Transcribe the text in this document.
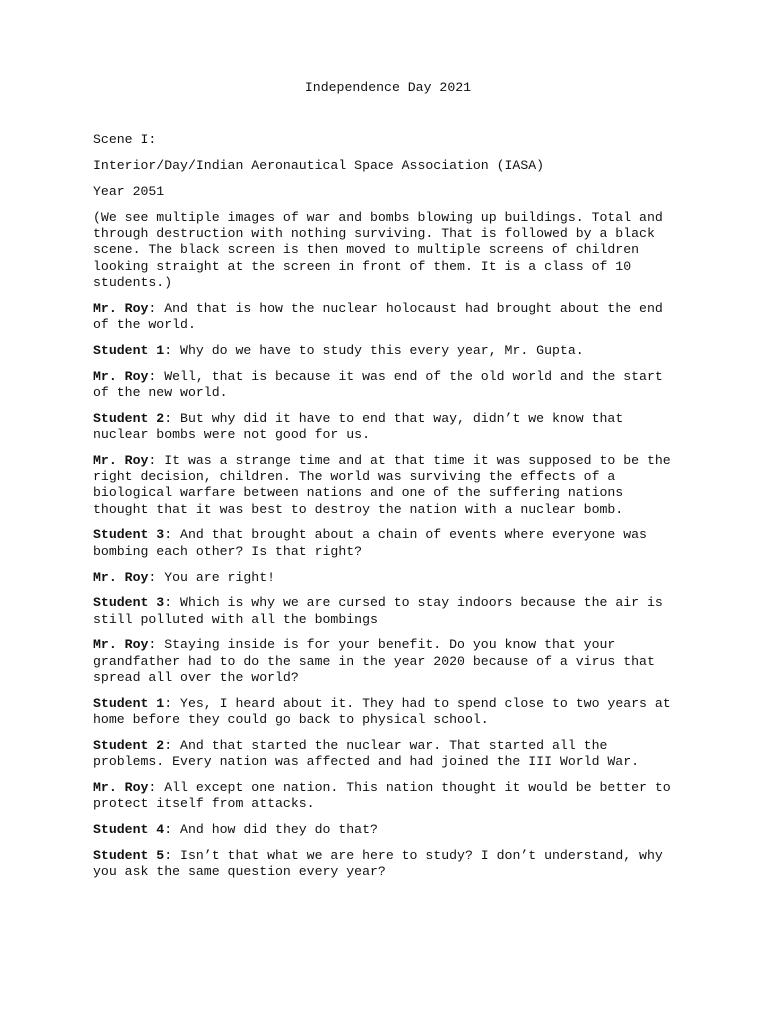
Independence Day 2021
Scene I:
Interior/Day/Indian Aeronautical Space Association (IASA)
Year 2051
(We see multiple images of war and bombs blowing up buildings. Total and through destruction with nothing surviving. That is followed by a black scene. The black screen is then moved to multiple screens of children looking straight at the screen in front of them. It is a class of 10 students.)
Mr. Roy: And that is how the nuclear holocaust had brought about the end of the world.
Student 1: Why do we have to study this every year, Mr. Gupta.
Mr. Roy: Well, that is because it was end of the old world and the start of the new world.
Student 2: But why did it have to end that way, didn’t we know that nuclear bombs were not good for us.
Mr. Roy: It was a strange time and at that time it was supposed to be the right decision, children. The world was surviving the effects of a biological warfare between nations and one of the suffering nations thought that it was best to destroy the nation with a nuclear bomb.
Student 3: And that brought about a chain of events where everyone was bombing each other? Is that right?
Mr. Roy: You are right!
Student 3: Which is why we are cursed to stay indoors because the air is still polluted with all the bombings
Mr. Roy: Staying inside is for your benefit. Do you know that your grandfather had to do the same in the year 2020 because of a virus that spread all over the world?
Student 1: Yes, I heard about it. They had to spend close to two years at home before they could go back to physical school.
Student 2: And that started the nuclear war. That started all the problems. Every nation was affected and had joined the III World War.
Mr. Roy: All except one nation. This nation thought it would be better to protect itself from attacks.
Student 4: And how did they do that?
Student 5: Isn’t that what we are here to study? I don’t understand, why you ask the same question every year?
